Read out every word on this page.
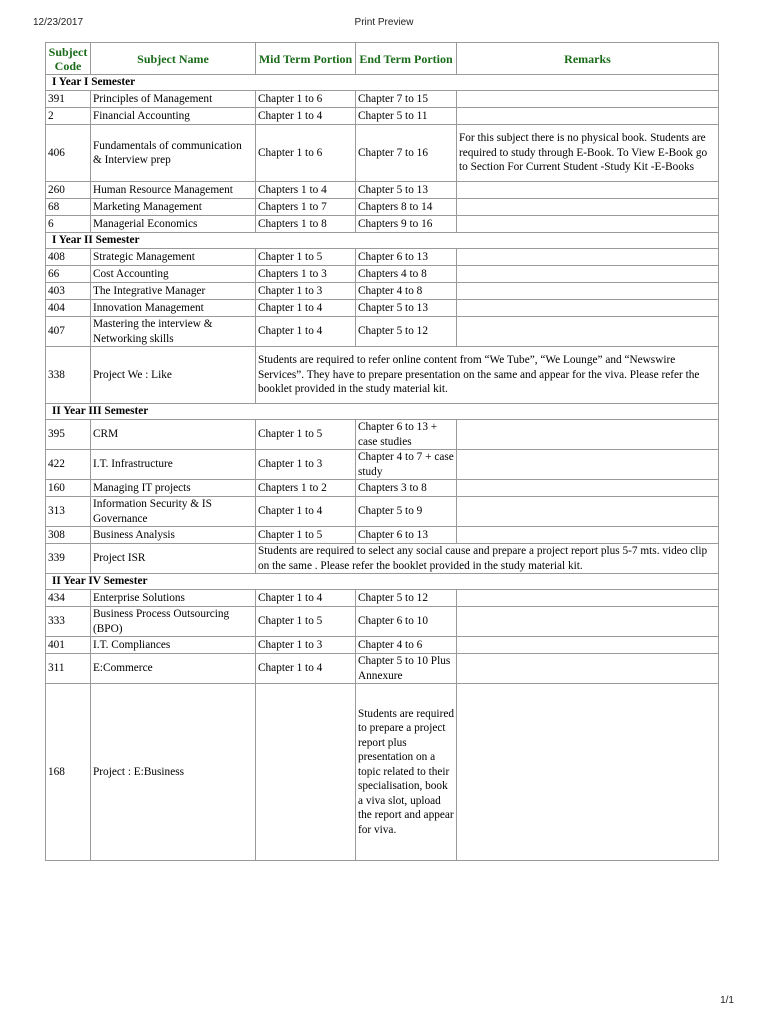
12/23/2017	Print Preview
Subject Code	Subject Name	Mid Term Portion	End Term Portion	Remarks
I Year I Semester				
391	Principles of Management	Chapter 1 to 6	Chapter 7 to 15	
2	Financial Accounting	Chapter 1 to 4	Chapter 5 to 11	
406	Fundamentals of communication & Interview prep	Chapter 1 to 6	Chapter 7 to 16	For this subject there is no physical book. Students are required to study through E-Book. To View E-Book go to Section For Current Student -Study Kit -E-Books
260	Human Resource Management	Chapters 1 to 4	Chapter 5 to 13	
68	Marketing Management	Chapters 1 to 7	Chapters 8 to 14	
6	Managerial Economics	Chapters 1 to 8	Chapters 9 to 16	
I Year II Semester				
408	Strategic Management	Chapter 1 to 5	Chapter 6 to 13	
66	Cost Accounting	Chapters 1 to 3	Chapters 4 to 8	
403	The Integrative Manager	Chapter 1 to 3	Chapter 4 to 8	
404	Innovation Management	Chapter 1 to 4	Chapter 5 to 13	
407	Mastering the interview & Networking skills	Chapter 1 to 4	Chapter 5 to 12	
338	Project We : Like	Students are required to refer online content from “We Tube”, “We Lounge” and “Newswire Services”. They have to prepare presentation on the same and appear for the viva. Please refer the booklet provided in the study material kit.		
II Year III Semester				
395	CRM	Chapter 1 to 5	Chapter 6 to 13 + case studies	
422	I.T. Infrastructure	Chapter 1 to 3	Chapter 4 to 7 + case study	
160	Managing IT projects	Chapters 1 to 2	Chapters 3 to 8	
313	Information Security & IS Governance	Chapter 1 to 4	Chapter 5 to 9	
308	Business Analysis	Chapter 1 to 5	Chapter 6 to 13	
339	Project ISR	Students are required to select any social cause and prepare a project report plus 5-7 mts. video clip on the same . Please refer the booklet provided in the study material kit.		
II Year IV Semester				
434	Enterprise Solutions	Chapter 1 to 4	Chapter 5 to 12	
333	Business Process Outsourcing (BPO)	Chapter 1 to 5	Chapter 6 to 10	
401	I.T. Compliances	Chapter 1 to 3	Chapter 4 to 6	
311	E:Commerce	Chapter 1 to 4	Chapter 5 to 10 Plus Annexure	
168	Project : E:Business		Students are required to prepare a project report plus presentation on a topic related to their specialisation, book a viva slot, upload the report and appear for viva.	
1/1
